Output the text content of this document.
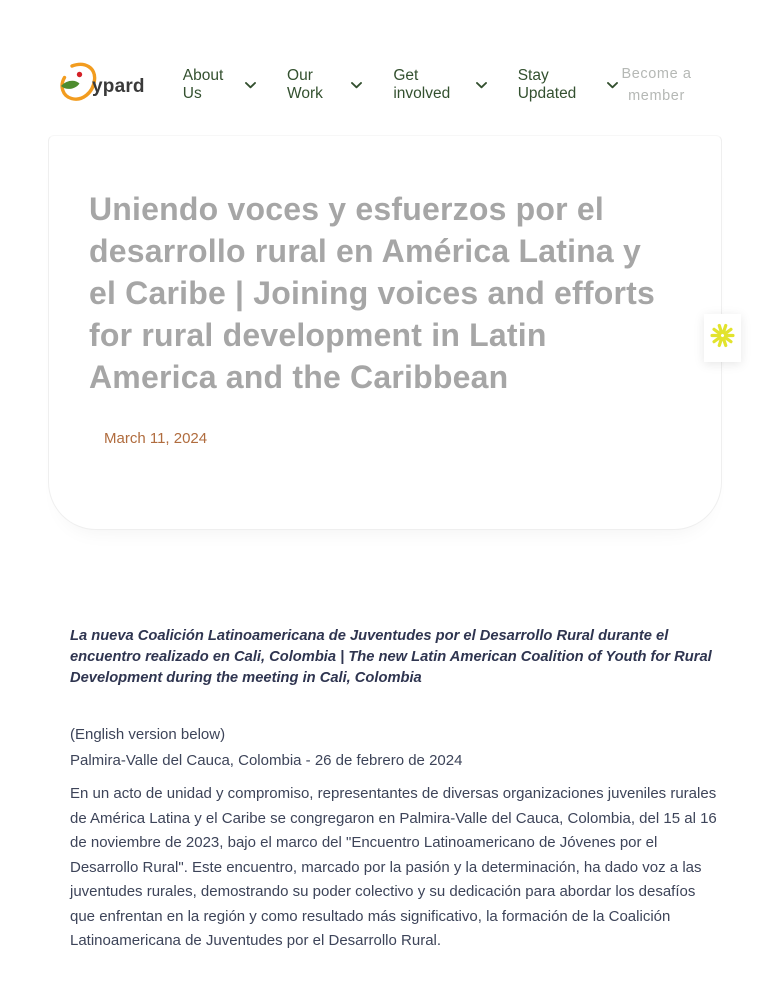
ypard
About Us
Our Work
Get involved
Stay Updated
Become a member
Uniendo voces y esfuerzos por el
desarrollo rural en América Latina y
el Caribe | Joining voices and efforts
for rural development in Latin
America and the Caribbean
March 11, 2024

La nueva Coalición Latinoamericana de Juventudes por el Desarrollo Rural durante el encuentro realizado en Cali, Colombia | The new Latin American Coalition of Youth for Rural Development during the meeting in Cali, Colombia

(English version below)

Palmira-Valle del Cauca, Colombia - 26 de febrero de 2024

En un acto de unidad y compromiso, representantes de diversas organizaciones juveniles rurales de América Latina y el Caribe se congregaron en Palmira-Valle del Cauca, Colombia, del 15 al 16 de noviembre de 2023, bajo el marco del "Encuentro Latinoamericano de Jóvenes por el Desarrollo Rural". Este encuentro, marcado por la pasión y la determinación, ha dado voz a las juventudes rurales, demostrando su poder colectivo y su dedicación para abordar los desafíos que enfrentan en la región y como resultado más significativo, la formación de la Coalición Latinoamericana de Juventudes por el Desarrollo Rural.
